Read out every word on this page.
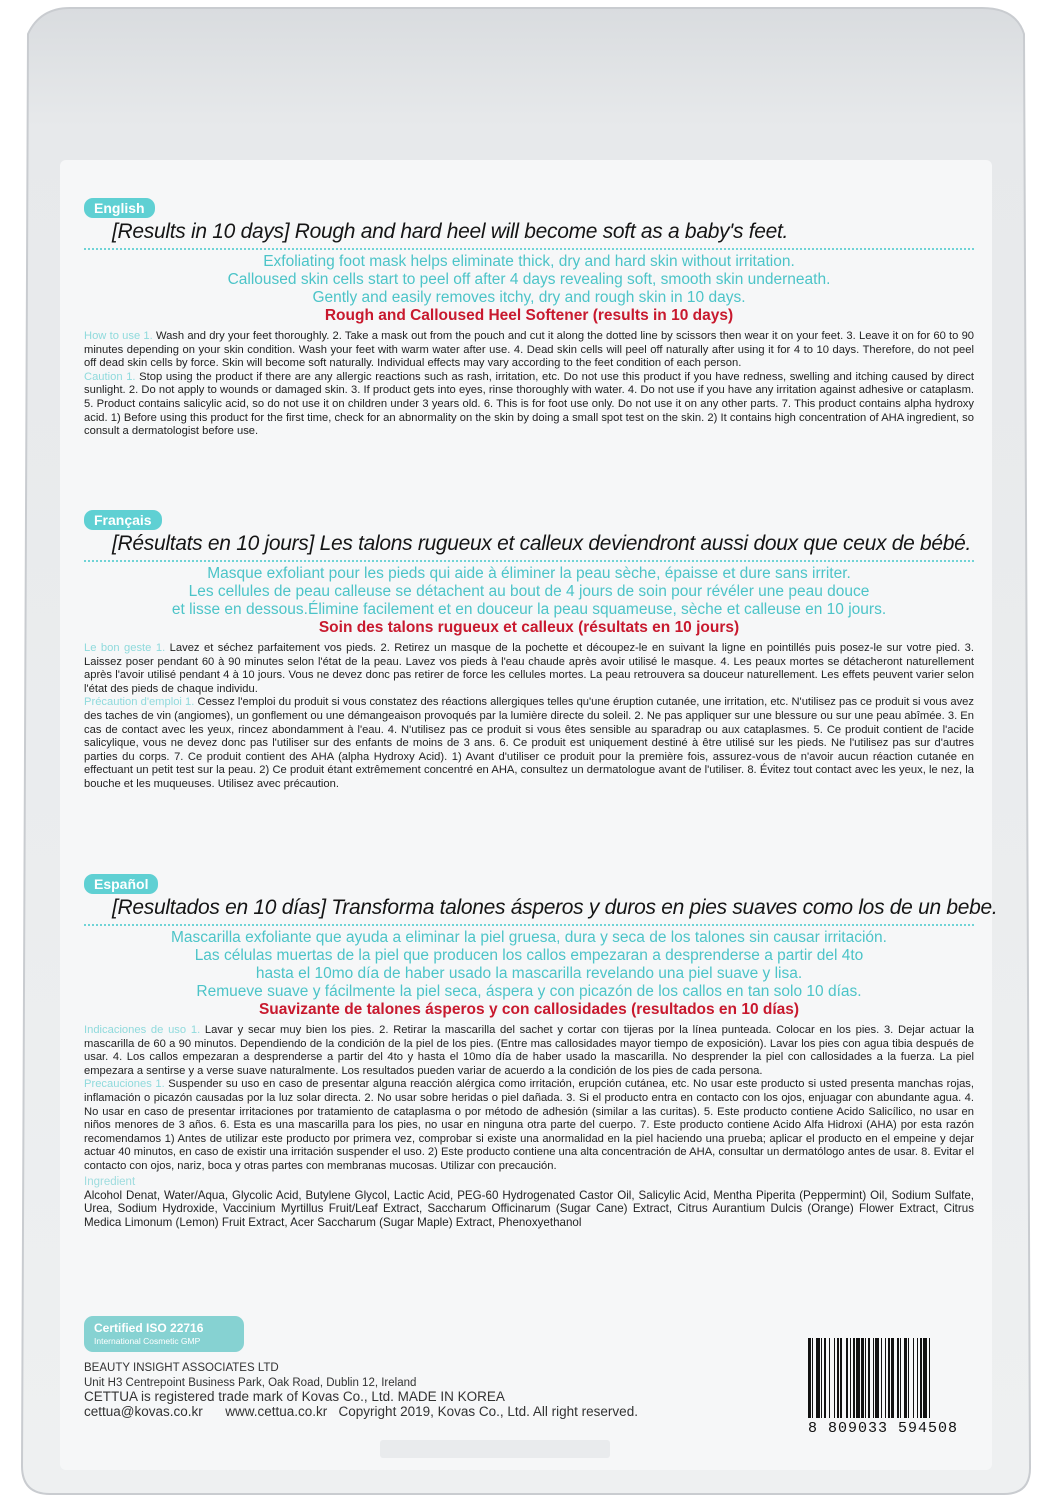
English
[Results in 10 days] Rough and hard heel will become soft as a baby's feet.
Exfoliating foot mask helps eliminate thick, dry and hard skin without irritation.
Calloused skin cells start to peel off after 4 days revealing soft, smooth skin underneath.
Gently and easily removes itchy, dry and rough skin in 10 days.
Rough and Calloused Heel Softener (results in 10 days)
How to use 1. Wash and dry your feet thoroughly. 2. Take a mask out from the pouch and cut it along the dotted line by scissors then wear it on your feet. 3. Leave it on for 60 to 90 minutes depending on your skin condition. Wash your feet with warm water after use. 4. Dead skin cells will peel off naturally after using it for 4 to 10 days. Therefore, do not peel off dead skin cells by force. Skin will become soft naturally. Individual effects may vary according to the feet condition of each person.
Caution 1. Stop using the product if there are any allergic reactions such as rash, irritation, etc. Do not use this product if you have redness, swelling and itching caused by direct sunlight. 2. Do not apply to wounds or damaged skin. 3. If product gets into eyes, rinse thoroughly with water. 4. Do not use if you have any irritation against adhesive or cataplasm. 5. Product contains salicylic acid, so do not use it on children under 3 years old. 6. This is for foot use only. Do not use it on any other parts. 7. This product contains alpha hydroxy acid. 1) Before using this product for the first time, check for an abnormality on the skin by doing a small spot test on the skin. 2) It contains high concentration of AHA ingredient, so consult a dermatologist before use.
Français
[Résultats en 10 jours] Les talons rugueux et calleux deviendront aussi doux que ceux de bébé.
Masque exfoliant pour les pieds qui aide à éliminer la peau sèche, épaisse et dure sans irriter.
Les cellules de peau calleuse se détachent au bout de 4 jours de soin pour révéler une peau douce
et lisse en dessous.Élimine facilement et en douceur la peau squameuse, sèche et calleuse en 10 jours.
Soin des talons rugueux et calleux (résultats en 10 jours)
Le bon geste 1. Lavez et séchez parfaitement vos pieds. 2. Retirez un masque de la pochette et découpez-le en suivant la ligne en pointillés puis posez-le sur votre pied. 3. Laissez poser pendant 60 à 90 minutes selon l'état de la peau. Lavez vos pieds à l'eau chaude après avoir utilisé le masque. 4. Les peaux mortes se détacheront naturellement après l'avoir utilisé pendant 4 à 10 jours. Vous ne devez donc pas retirer de force les cellules mortes. La peau retrouvera sa douceur naturellement. Les effets peuvent varier selon l'état des pieds de chaque individu.
Précaution d'emploi 1. Cessez l'emploi du produit si vous constatez des réactions allergiques telles qu'une éruption cutanée, une irritation, etc. N'utilisez pas ce produit si vous avez des taches de vin (angiomes), un gonflement ou une démangeaison provoqués par la lumière directe du soleil. 2. Ne pas appliquer sur une blessure ou sur une peau abîmée. 3. En cas de contact avec les yeux, rincez abondamment à l'eau. 4. N'utilisez pas ce produit si vous êtes sensible au sparadrap ou aux cataplasmes. 5. Ce produit contient de l'acide salicylique, vous ne devez donc pas l'utiliser sur des enfants de moins de 3 ans. 6. Ce produit est uniquement destiné à être utilisé sur les pieds. Ne l'utilisez pas sur d'autres parties du corps. 7. Ce produit contient des AHA (alpha Hydroxy Acid). 1) Avant d'utiliser ce produit pour la première fois, assurez-vous de n'avoir aucun réaction cutanée en effectuant un petit test sur la peau. 2) Ce produit étant extrêmement concentré en AHA, consultez un dermatologue avant de l'utiliser. 8. Évitez tout contact avec les yeux, le nez, la bouche et les muqueuses. Utilisez avec précaution.
Español
[Resultados en 10 días] Transforma talones ásperos y duros en pies suaves como los de un bebe.
Mascarilla exfoliante que ayuda a eliminar la piel gruesa, dura y seca de los talones sin causar irritación.
Las células muertas de la piel que producen los callos empezaran a desprenderse a partir del 4to
hasta el 10mo día de haber usado la mascarilla revelando una piel suave y lisa.
Remueve suave y fácilmente la piel seca, áspera y con picazón de los callos en tan solo 10 días.
Suavizante de talones ásperos y con callosidades (resultados en 10 días)
Indicaciones de uso 1. Lavar y secar muy bien los pies. 2. Retirar la mascarilla del sachet y cortar con tijeras por la línea punteada. Colocar en los pies. 3. Dejar actuar la mascarilla de 60 a 90 minutos. Dependiendo de la condición de la piel de los pies. (Entre mas callosidades mayor tiempo de exposición). Lavar los pies con agua tibia después de usar. 4. Los callos empezaran a desprenderse a partir del 4to y hasta el 10mo día de haber usado la mascarilla. No desprender la piel con callosidades a la fuerza. La piel empezara a sentirse y a verse suave naturalmente. Los resultados pueden variar de acuerdo a la condición de los pies de cada persona.
Precauciones 1. Suspender su uso en caso de presentar alguna reacción alérgica como irritación, erupción cutánea, etc. No usar este producto si usted presenta manchas rojas, inflamación o picazón causadas por la luz solar directa. 2. No usar sobre heridas o piel dañada. 3. Si el producto entra en contacto con los ojos, enjuagar con abundante agua. 4. No usar en caso de presentar irritaciones por tratamiento de cataplasma o por método de adhesión (similar a las curitas). 5. Este producto contiene Acido Salicílico, no usar en niños menores de 3 años. 6. Esta es una mascarilla para los pies, no usar en ninguna otra parte del cuerpo. 7. Este producto contiene Acido Alfa Hidroxi (AHA) por esta razón recomendamos 1) Antes de utilizar este producto por primera vez, comprobar si existe una anormalidad en la piel haciendo una prueba; aplicar el producto en el empeine y dejar actuar 40 minutos, en caso de existir una irritación suspender el uso. 2) Este producto contiene una alta concentración de AHA, consultar un dermatólogo antes de usar. 8. Evitar el contacto con ojos, nariz, boca y otras partes con membranas mucosas. Utilizar con precaución.
Ingredient
Alcohol Denat, Water/Aqua, Glycolic Acid, Butylene Glycol, Lactic Acid, PEG-60 Hydrogenated Castor Oil, Salicylic Acid, Mentha Piperita (Peppermint) Oil, Sodium Sulfate, Urea, Sodium Hydroxide, Vaccinium Myrtillus Fruit/Leaf Extract, Saccharum Officinarum (Sugar Cane) Extract, Citrus Aurantium Dulcis (Orange) Flower Extract, Citrus Medica Limonum (Lemon) Fruit Extract, Acer Saccharum (Sugar Maple) Extract, Phenoxyethanol
Certified ISO 22716
International Cosmetic GMP
BEAUTY INSIGHT ASSOCIATES LTD
Unit H3 Centrepoint Business Park, Oak Road, Dublin 12, Ireland
CETTUA is registered trade mark of Kovas Co., Ltd. MADE IN KOREA
cettua@kovas.co.kr      www.cettua.co.kr   Copyright 2019, Kovas Co., Ltd. All right reserved.
8 809033 594508
